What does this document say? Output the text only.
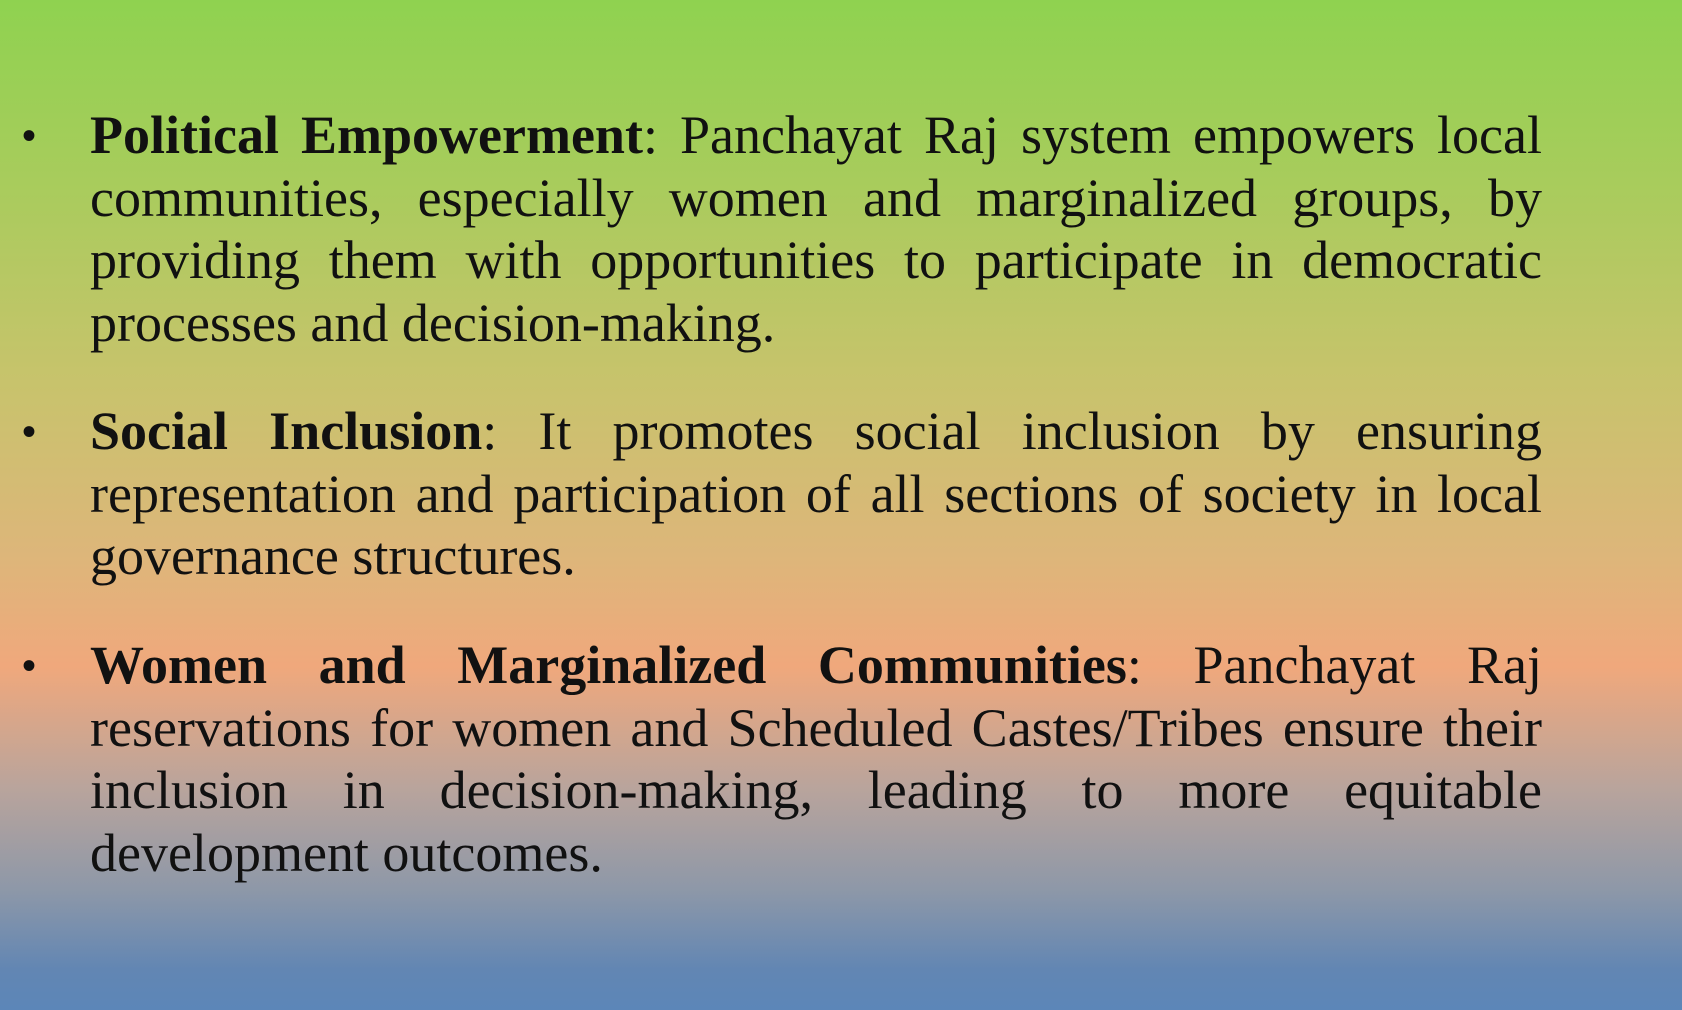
• Political Empowerment: Panchayat Raj system empowers local communities, especially women and marginalized groups, by providing them with opportunities to participate in democratic processes and decision-making.
• Social Inclusion: It promotes social inclusion by ensuring representation and participation of all sections of society in local governance structures.
• Women and Marginalized Communities: Panchayat Raj reservations for women and Scheduled Castes/Tribes ensure their inclusion in decision-making, leading to more equitable development outcomes.
